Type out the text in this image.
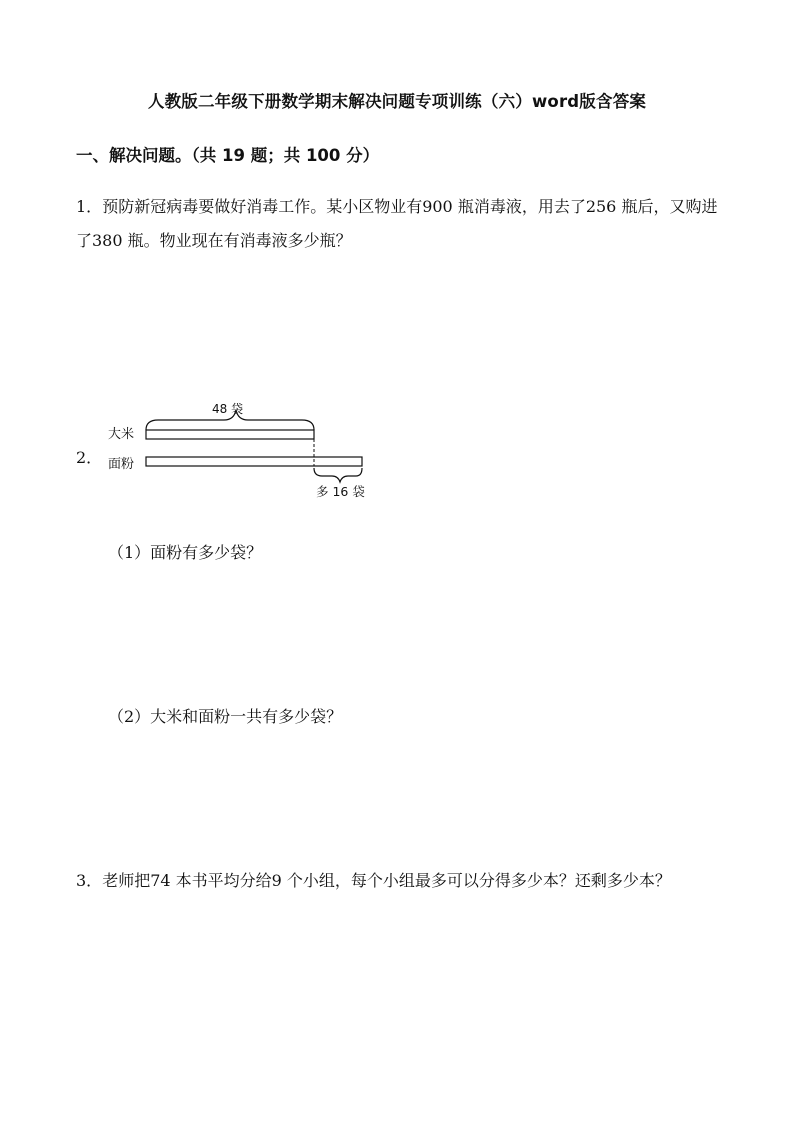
人教版二年级下册数学期末解决问题专项训练（六）word版含答案
一、解决问题。（共 19 题；共 100 分）
1．预防新冠病毒要做好消毒工作。某小区物业有900 瓶消毒液，用去了256 瓶后，又购进了380 瓶。物业现在有消毒液多少瓶？
2．
48 袋
大米
面粉
多 16 袋
（1）面粉有多少袋？
（2）大米和面粉一共有多少袋？
3．老师把74 本书平均分给9 个小组，每个小组最多可以分得多少本？还剩多少本？
